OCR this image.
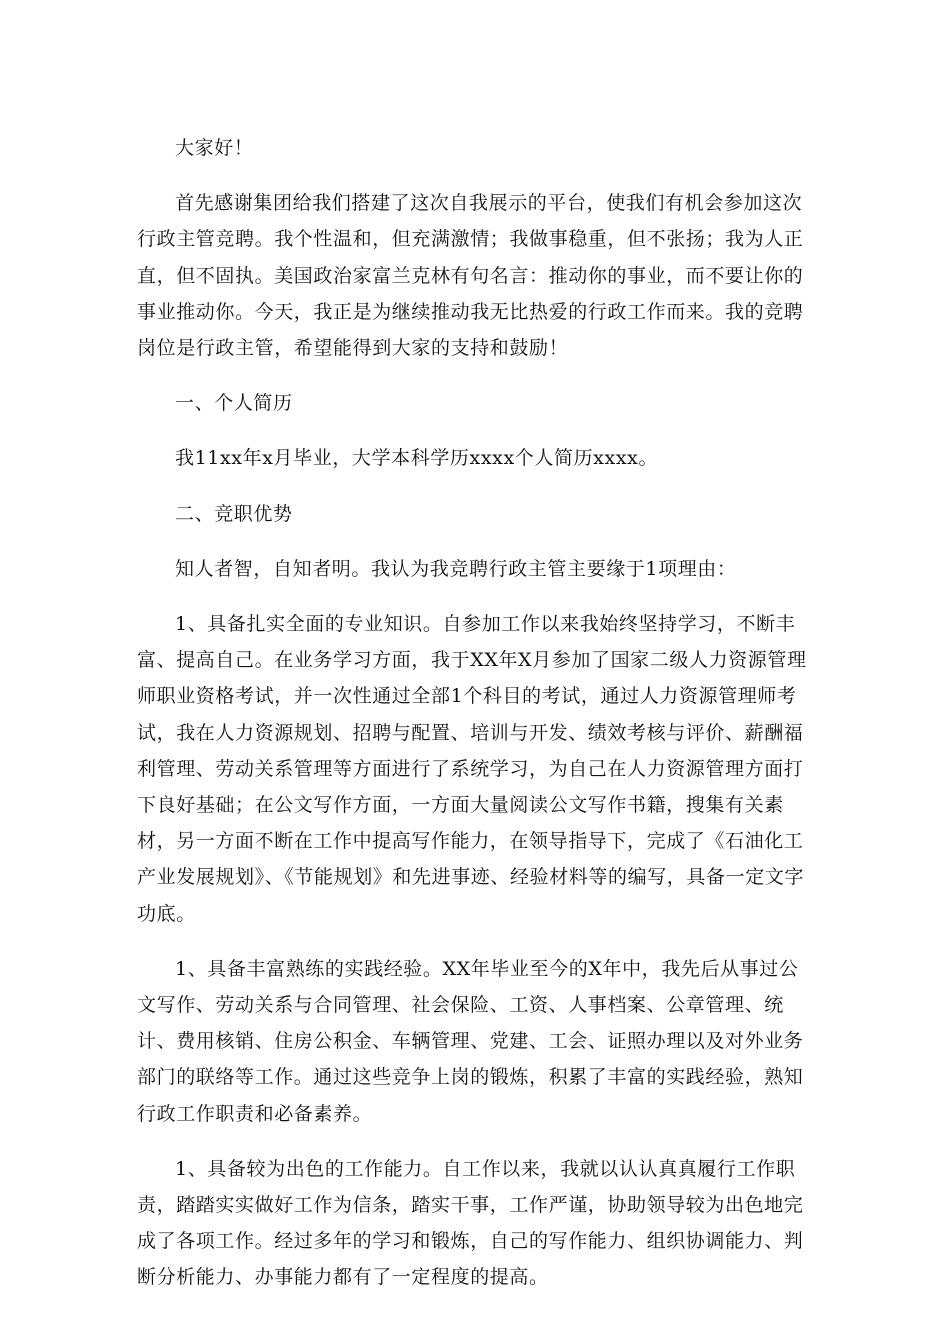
大家好！

首先感谢集团给我们搭建了这次自我展示的平台，使我们有机会参加这次行政主管竞聘。我个性温和，但充满激情；我做事稳重，但不张扬；我为人正直，但不固执。美国政治家富兰克林有句名言：推动你的事业，而不要让你的事业推动你。今天，我正是为继续推动我无比热爱的行政工作而来。我的竞聘岗位是行政主管，希望能得到大家的支持和鼓励！

一、个人简历

我11xx年x月毕业，大学本科学历xxxx个人简历xxxx。

二、竞职优势

知人者智，自知者明。我认为我竞聘行政主管主要缘于1项理由：

1、具备扎实全面的专业知识。自参加工作以来我始终坚持学习，不断丰富、提高自己。在业务学习方面，我于XX年X月参加了国家二级人力资源管理师职业资格考试，并一次性通过全部1个科目的考试，通过人力资源管理师考试，我在人力资源规划、招聘与配置、培训与开发、绩效考核与评价、薪酬福利管理、劳动关系管理等方面进行了系统学习，为自己在人力资源管理方面打下良好基础；在公文写作方面，一方面大量阅读公文写作书籍，搜集有关素材，另一方面不断在工作中提高写作能力，在领导指导下，完成了《石油化工产业发展规划》、《节能规划》和先进事迹、经验材料等的编写，具备一定文字功底。

1、具备丰富熟练的实践经验。XX年毕业至今的X年中，我先后从事过公文写作、劳动关系与合同管理、社会保险、工资、人事档案、公章管理、统计、费用核销、住房公积金、车辆管理、党建、工会、证照办理以及对外业务部门的联络等工作。通过这些竞争上岗的锻炼，积累了丰富的实践经验，熟知行政工作职责和必备素养。

1、具备较为出色的工作能力。自工作以来，我就以认认真真履行工作职责，踏踏实实做好工作为信条，踏实干事，工作严谨，协助领导较为出色地完成了各项工作。经过多年的学习和锻炼，自己的写作能力、组织协调能力、判断分析能力、办事能力都有了一定程度的提高。
